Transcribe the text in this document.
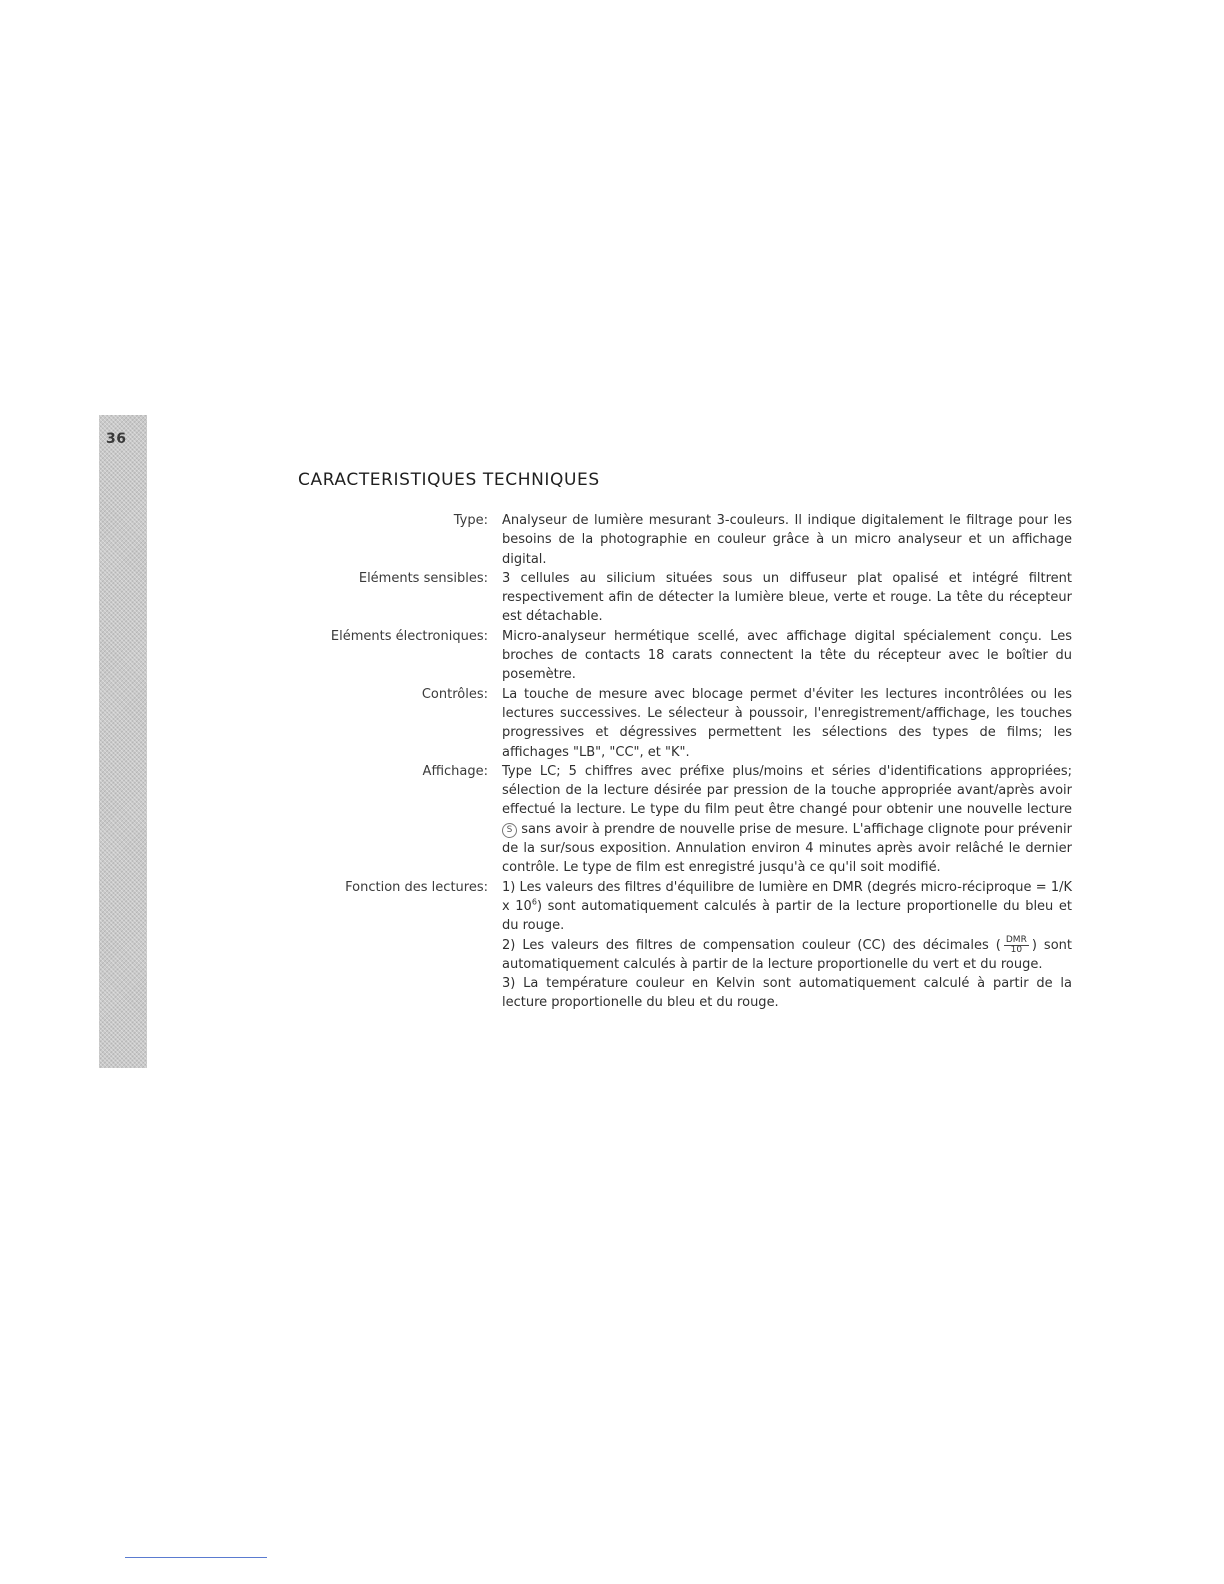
36
CARACTERISTIQUES TECHNIQUES
Type:	Analyseur de lumière mesurant 3-couleurs. Il indique digitalement le filtrage pour les besoins de la photographie en couleur grâce à un micro analyseur et un affichage digital.
Eléments sensibles:	3 cellules au silicium situées sous un diffuseur plat opalisé et intégré filtrent respectivement afin de détecter la lumière bleue, verte et rouge. La tête du récepteur est détachable.
Eléments électroniques:	Micro-analyseur hermétique scellé, avec affichage digital spécialement conçu. Les broches de contacts 18 carats connectent la tête du récepteur avec le boîtier du posemètre.
Contrôles:	La touche de mesure avec blocage permet d'éviter les lectures incontrôlées ou les lectures successives. Le sélecteur à poussoir, l'enregistrement/affichage, les touches progressives et dégressives permettent les sélections des types de films; les affichages "LB", "CC", et "K".
Affichage:	Type LC; 5 chiffres avec préfixe plus/moins et séries d'identifications appropriées; sélection de la lecture désirée par pression de la touche appropriée avant/après avoir effectué la lecture. Le type du film peut être changé pour obtenir une nouvelle lecture S sans avoir à prendre de nouvelle prise de mesure. L'affichage clignote pour prévenir de la sur/sous exposition. Annulation environ 4 minutes après avoir relâché le dernier contrôle. Le type de film est enregistré jusqu'à ce qu'il soit modifié.
Fonction des lectures:	1) Les valeurs des filtres d'équilibre de lumière en DMR (degrés micro-réciproque = 1/K x $10^6$) sont automatiquement calculés à partir de la lecture proportionelle du bleu et du rouge.

2) Les valeurs des filtres de compensation couleur (CC) des décimales ( $\frac{\text{DMR}}{10}$ ) sont automatiquement calculés à partir de la lecture proportionelle du vert et du rouge.

3) La température couleur en Kelvin sont automatiquement calculé à partir de la lecture proportionelle du bleu et du rouge.
